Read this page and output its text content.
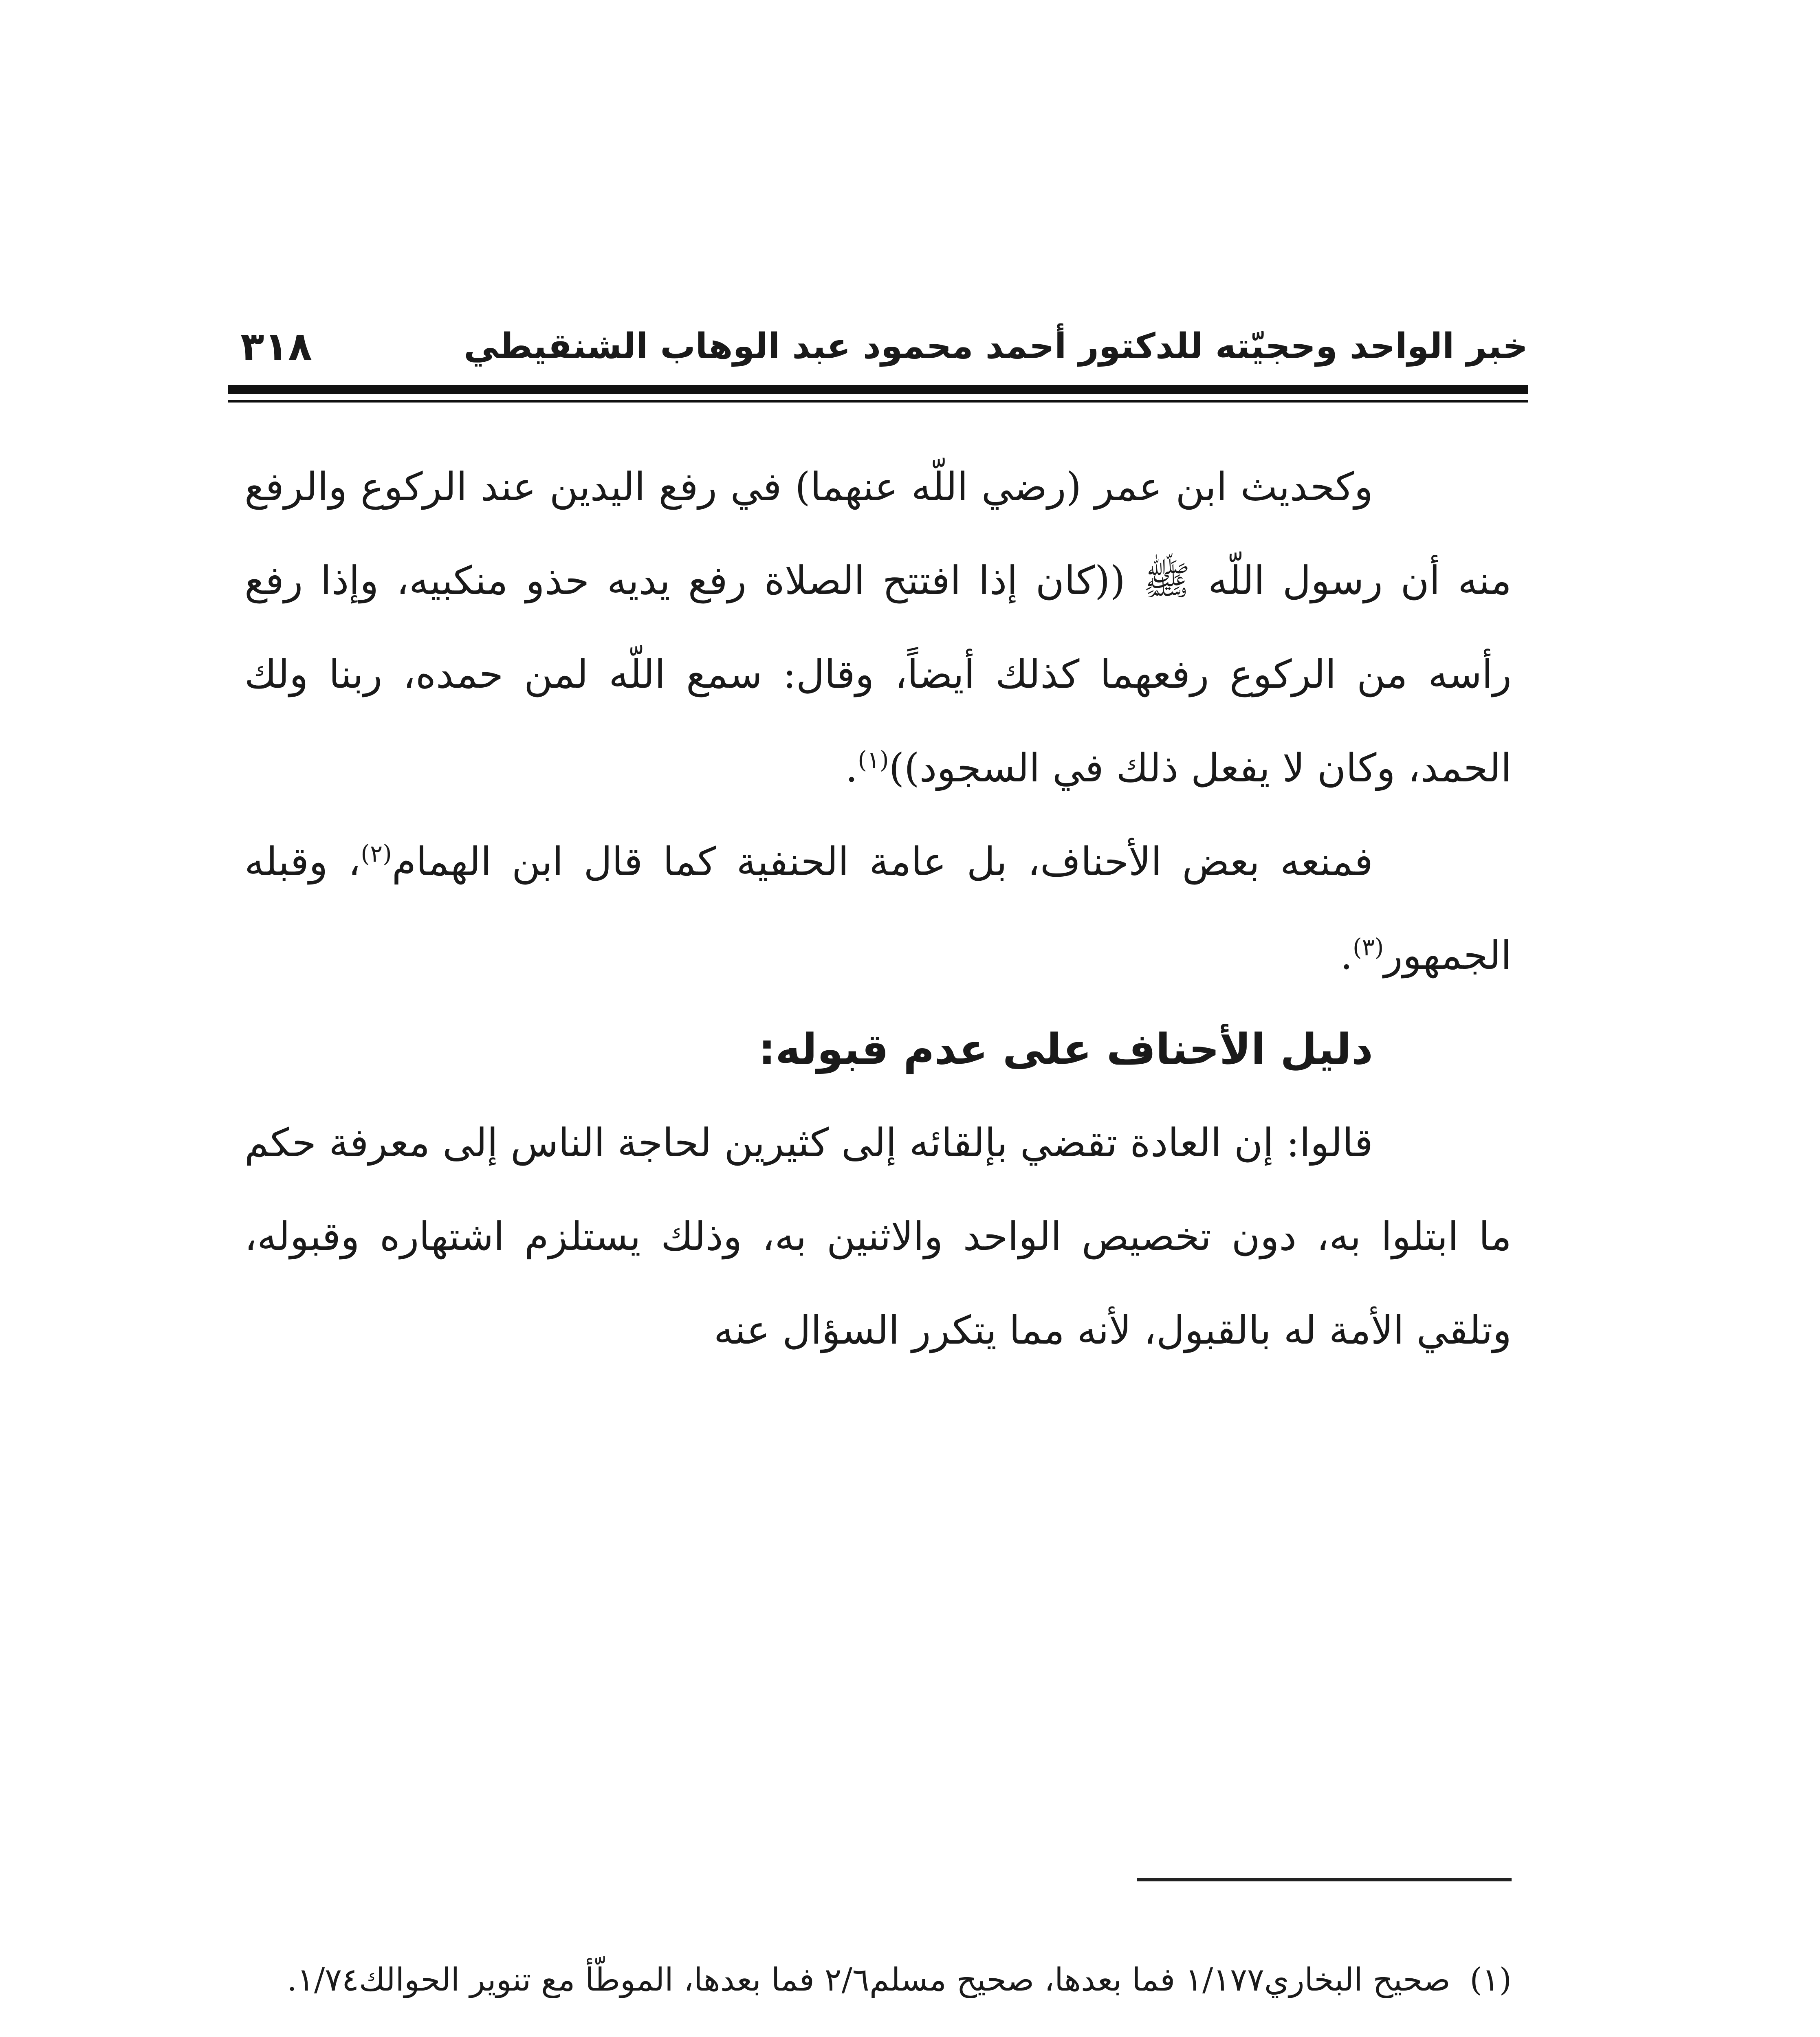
خبر الواحد وحجيّته للدكتور أحمد محمود عبد الوهاب الشنقيطي
٣١٨

وكحديث ابن عمر (رضي اللّه عنهما) في رفع اليدين عند الركوع والرفع منه أن رسول اللّه ﷺ ((كان إذا افتتح الصلاة رفع يديه حذو منكبيه، وإذا رفع رأسه من الركوع رفعهما كذلك أيضاً، وقال: سمع اللّه لمن حمده، ربنا ولك الحمد، وكان لا يفعل ذلك في السجود))$^{(١)}$.

فمنعه بعض الأحناف، بل عامة الحنفية كما قال ابن الهمام$^{(٢)}$، وقبله الجمهور$^{(٣)}$.

دليل الأحناف على عدم قبوله:

قالوا: إن العادة تقضي بإلقائه إلى كثيرين لحاجة الناس إلى معرفة حكم ما ابتلوا به، دون تخصيص الواحد والاثنين به، وذلك يستلزم اشتهاره وقبوله، وتلقي الأمة له بالقبول، لأنه مما يتكرر السؤال عنه

(١)
صحيح البخاري١/١٧٧ فما بعدها، صحيح مسلم٢/٦ فما بعدها، الموطّأ مع تنوير الحوالك١/٧٤.
